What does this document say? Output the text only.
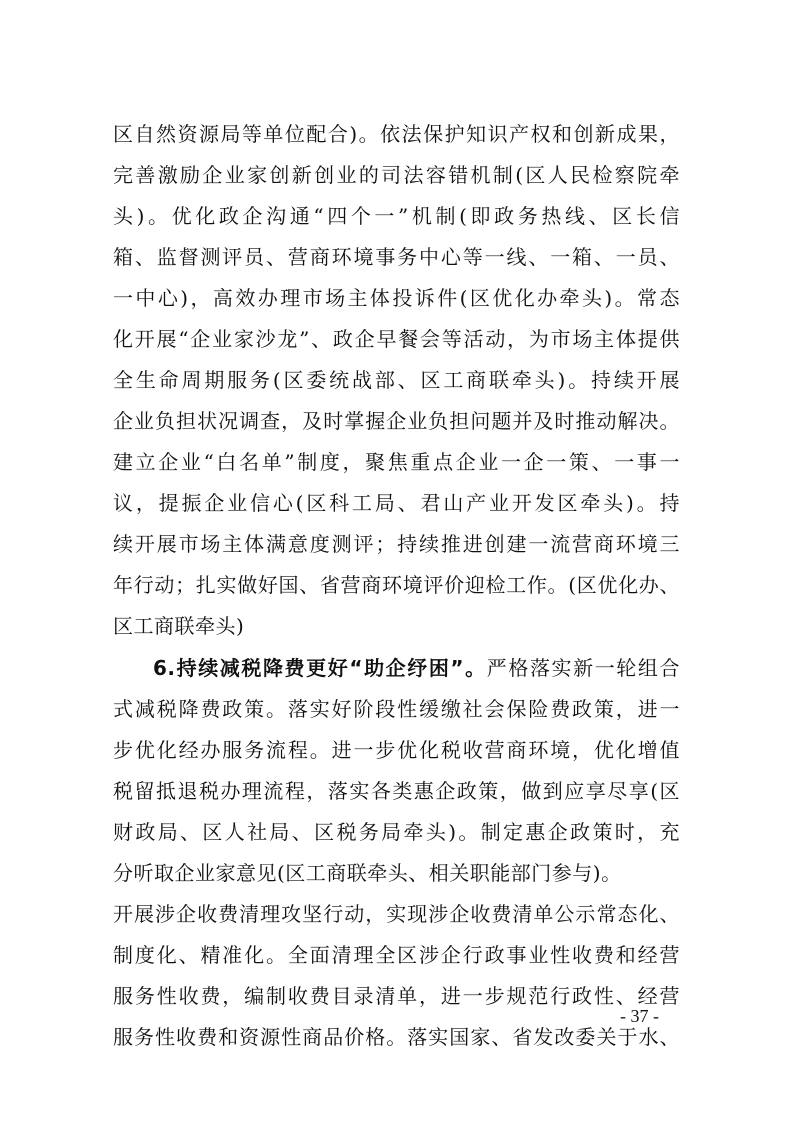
区自然资源局等单位配合)。依法保护知识产权和创新成果，
完善激励企业家创新创业的司法容错机制(区人民检察院牵
头)。优化政企沟通“四个一”机制(即政务热线、区长信
箱、监督测评员、营商环境事务中心等一线、一箱、一员、
一中心)，高效办理市场主体投诉件(区优化办牵头)。常态
化开展“企业家沙龙”、政企早餐会等活动，为市场主体提供
全生命周期服务(区委统战部、区工商联牵头)。持续开展
企业负担状况调查，及时掌握企业负担问题并及时推动解决。
建立企业“白名单”制度，聚焦重点企业一企一策、一事一
议，提振企业信心(区科工局、君山产业开发区牵头)。持
续开展市场主体满意度测评；持续推进创建一流营商环境三
年行动；扎实做好国、省营商环境评价迎检工作。(区优化办、
区工商联牵头)
6.持续减税降费更好“助企纾困”。严格落实新一轮组合
式减税降费政策。落实好阶段性缓缴社会保险费政策，进一
步优化经办服务流程。进一步优化税收营商环境，优化增值
税留抵退税办理流程，落实各类惠企政策，做到应享尽享(区
财政局、区人社局、区税务局牵头)。制定惠企政策时，充
分听取企业家意见(区工商联牵头、相关职能部门参与)。
开展涉企收费清理攻坚行动，实现涉企收费清单公示常态化、
制度化、精准化。全面清理全区涉企行政事业性收费和经营
服务性收费，编制收费目录清单，进一步规范行政性、经营
服务性收费和资源性商品价格。落实国家、省发改委关于水、
- 37 -
